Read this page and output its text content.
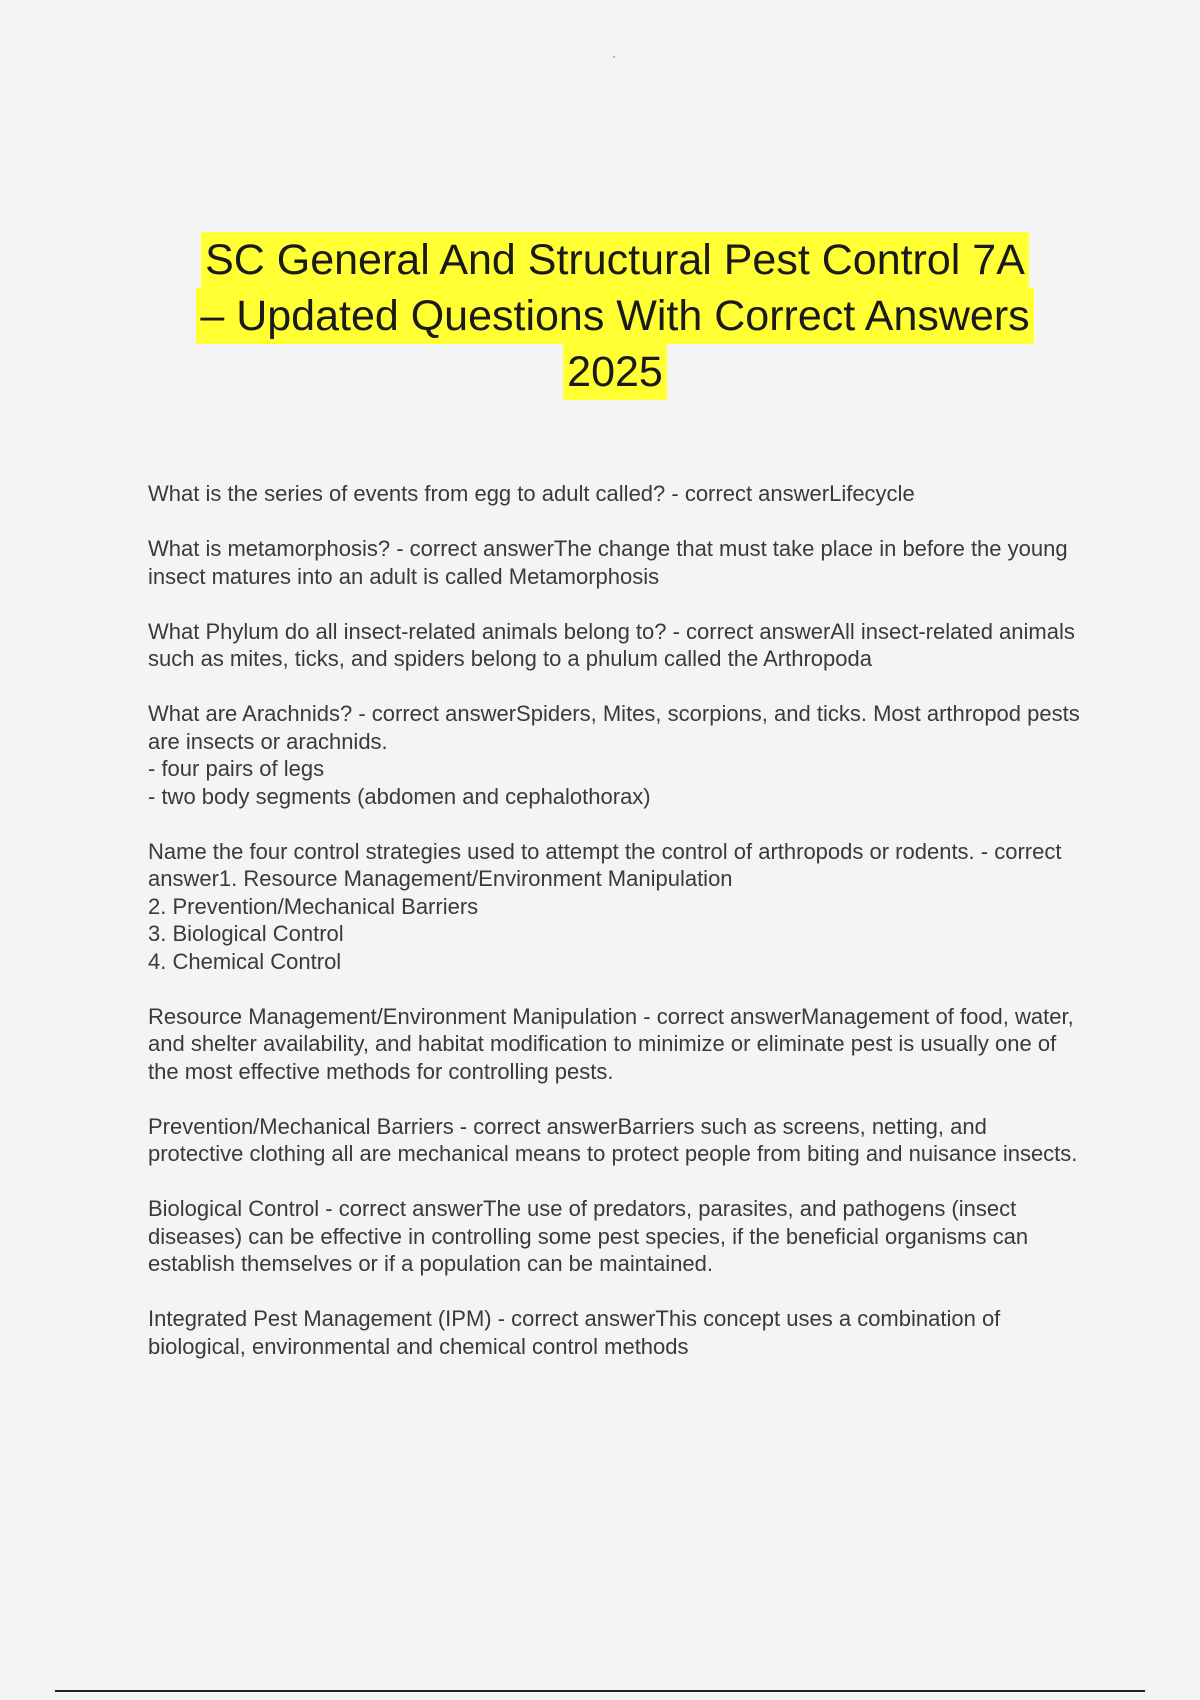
SC General And Structural Pest Control 7A
– Updated Questions With Correct Answers
2025

What is the series of events from egg to adult called? - correct answerLifecycle

What is metamorphosis? - correct answerThe change that must take place in before the young insect matures into an adult is called Metamorphosis

What Phylum do all insect-related animals belong to? - correct answerAll insect-related animals such as mites, ticks, and spiders belong to a phulum called the Arthropoda

What are Arachnids? - correct answerSpiders, Mites, scorpions, and ticks. Most arthropod pests are insects or arachnids.
- four pairs of legs
- two body segments (abdomen and cephalothorax)

Name the four control strategies used to attempt the control of arthropods or rodents. - correct answer1. Resource Management/Environment Manipulation
2. Prevention/Mechanical Barriers
3. Biological Control
4. Chemical Control

Resource Management/Environment Manipulation - correct answerManagement of food, water, and shelter availability, and habitat modification to minimize or eliminate pest is usually one of the most effective methods for controlling pests.

Prevention/Mechanical Barriers - correct answerBarriers such as screens, netting, and protective clothing all are mechanical means to protect people from biting and nuisance insects.

Biological Control - correct answerThe use of predators, parasites, and pathogens (insect diseases) can be effective in controlling some pest species, if the beneficial organisms can establish themselves or if a population can be maintained.

Integrated Pest Management (IPM) - correct answerThis concept uses a combination of biological, environmental and chemical control methods
